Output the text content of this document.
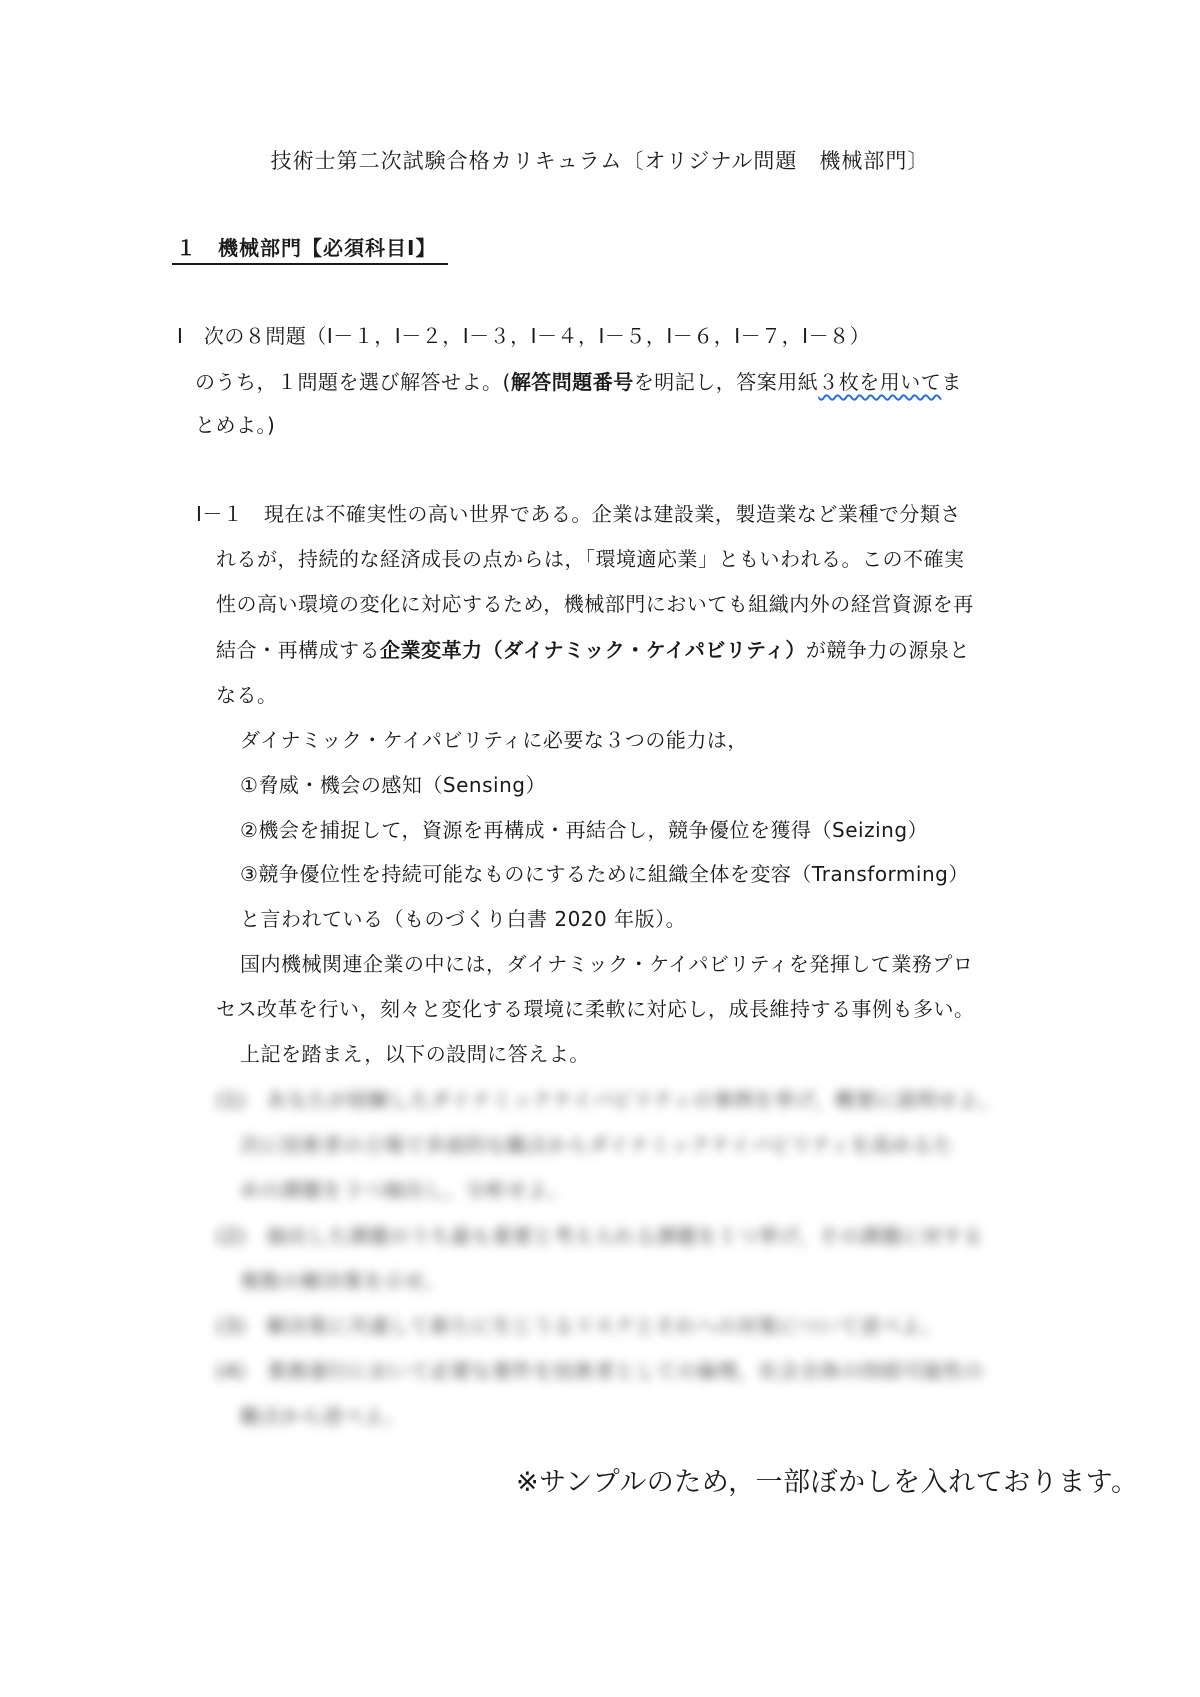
技術士第二次試験合格カリキュラム〔オリジナル問題　機械部門〕
１　機械部門【必須科目Ⅰ】
Ⅰ　次の８問題（Ⅰ－１，Ⅰ－２，Ⅰ－３，Ⅰ－４，Ⅰ－５，Ⅰ－６，Ⅰ－７，Ⅰ－８）
のうち，１問題を選び解答せよ。(解答問題番号を明記し，答案用紙３枚を用いてま
とめよ。)
Ⅰ－１　現在は不確実性の高い世界である。企業は建設業，製造業など業種で分類さ
れるが，持続的な経済成長の点からは，「環境適応業」ともいわれる。この不確実
性の高い環境の変化に対応するため，機械部門においても組織内外の経営資源を再
結合・再構成する企業変革力（ダイナミック・ケイパビリティ）が競争力の源泉と
なる。
ダイナミック・ケイパビリティに必要な３つの能力は，
①脅威・機会の感知（Sensing）
②機会を捕捉して，資源を再構成・再結合し，競争優位を獲得（Seizing）
③競争優位性を持続可能なものにするために組織全体を変容（Transforming）
と言われている（ものづくり白書 2020 年版）。
国内機械関連企業の中には，ダイナミック・ケイパビリティを発揮して業務プロ
セス改革を行い，刻々と変化する環境に柔軟に対応し，成長維持する事例も多い。
上記を踏まえ，以下の設問に答えよ。
(1)　あなたが経験したダイナミックケイパビリティの事例を挙げ，概要に説明せよ。
次に技術者の立場で多面的な観点からダイナミックケイパビリティを高めるた
めの課題を３つ抽出し，分析せよ。
(2)　抽出した課題のうち最も重要と考えられる課題を１つ挙げ，その課題に対する
複数の解決策を示せ。
(3)　解決策に共通して新たに生じうるリスクとそれへの対策について述べよ。
(4)　業務遂行において必要な要件を技術者としての倫理，社会全体の持続可能性の
観点から述べよ。
※サンプルのため，一部ぼかしを入れております。
